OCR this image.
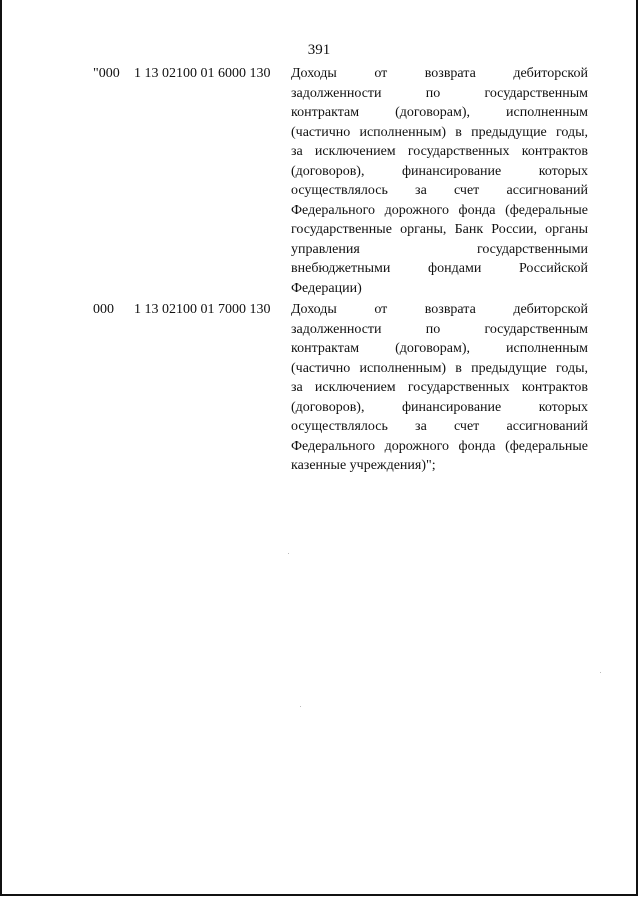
391
"000 1 13 02100 01 6000 130 Доходы от возврата дебиторской
задолженности по государственным
контрактам (договорам), исполненным
(частично исполненным) в предыдущие годы,
за исключением государственных контрактов
(договоров), финансирование которых
осуществлялось за счет ассигнований
Федерального дорожного фонда (федеральные
государственные органы, Банк России, органы
управления государственными
внебюджетными фондами Российской
Федерации)
000 1 13 02100 01 7000 130 Доходы от возврата дебиторской
задолженности по государственным
контрактам (договорам), исполненным
(частично исполненным) в предыдущие годы,
за исключением государственных контрактов
(договоров), финансирование которых
осуществлялось за счет ассигнований
Федерального дорожного фонда (федеральные
казенные учреждения)";
